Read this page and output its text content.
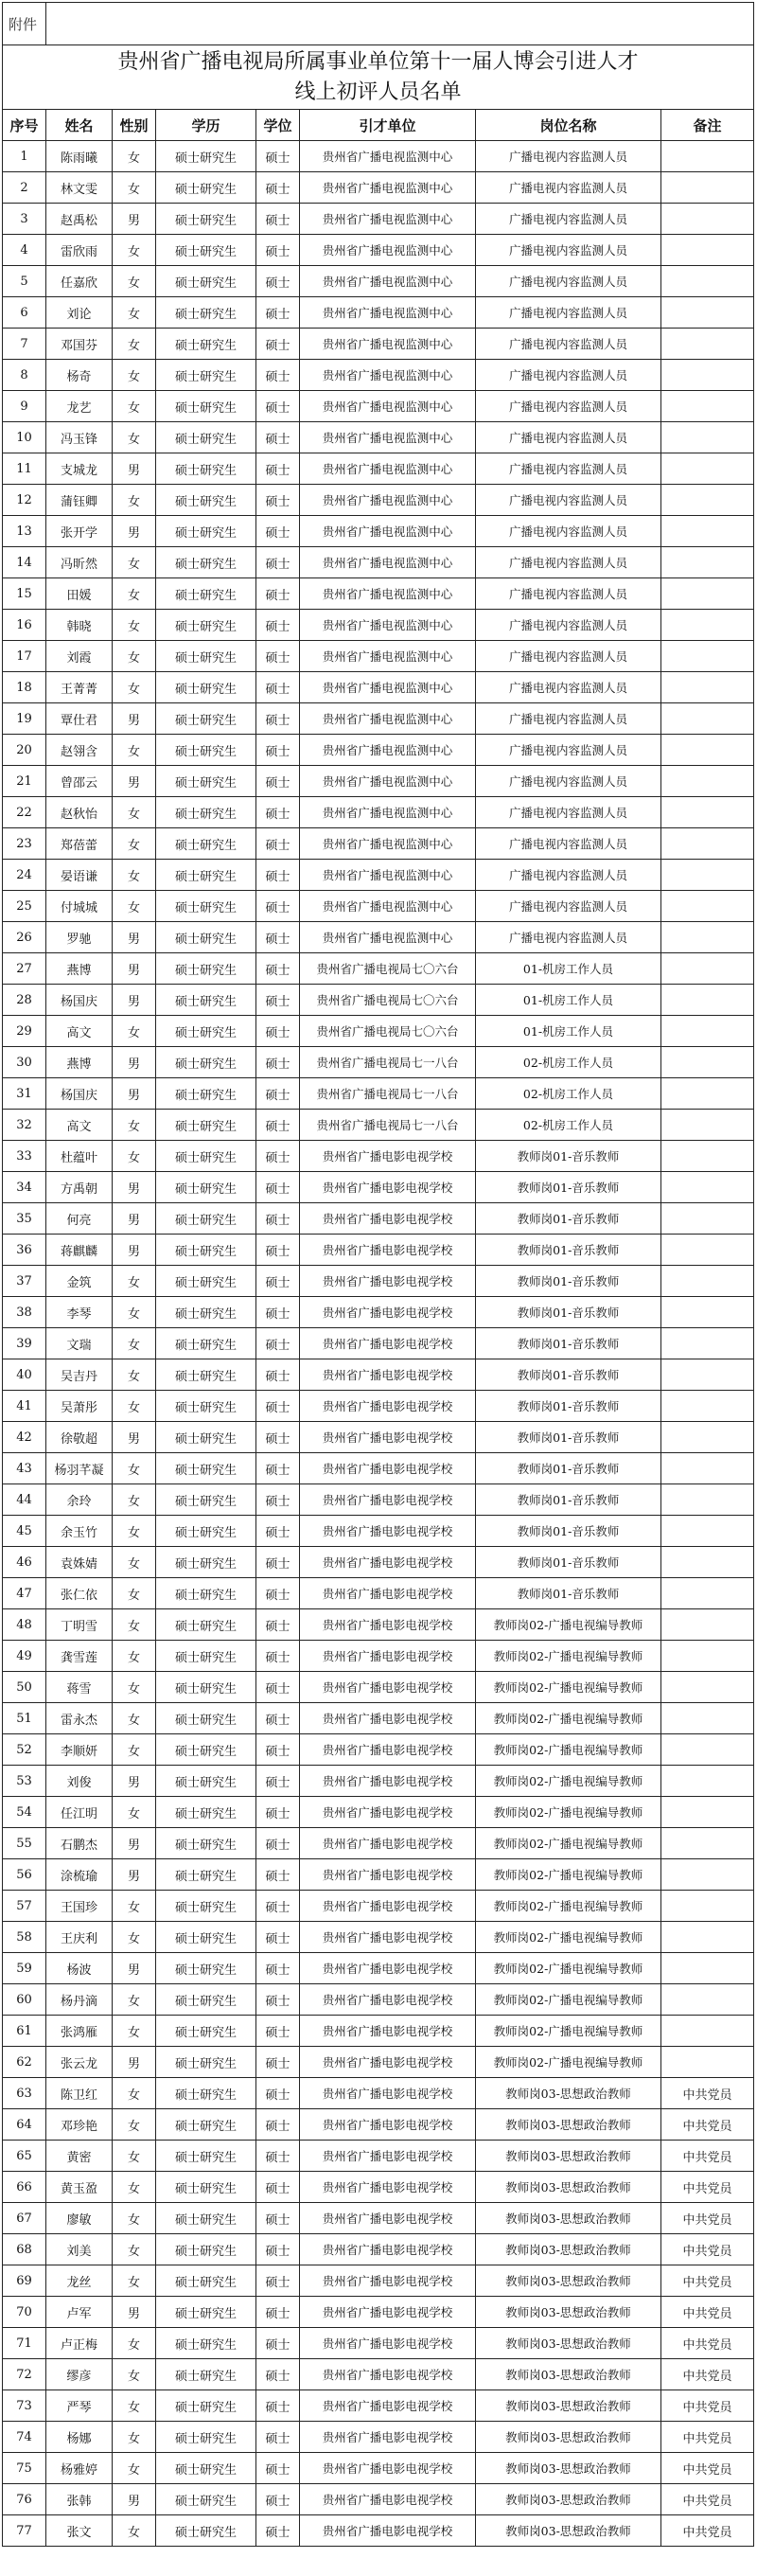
附件							

贵州省广播电视局所属事业单位第十一届人博会引进人才
线上初评人员名单							

序号	姓名	性别	学历	学位	引才单位	岗位名称	备注
1	陈雨曦	女	硕士研究生	硕士	贵州省广播电视监测中心	广播电视内容监测人员	
2	林文雯	女	硕士研究生	硕士	贵州省广播电视监测中心	广播电视内容监测人员	
3	赵禹松	男	硕士研究生	硕士	贵州省广播电视监测中心	广播电视内容监测人员	
4	雷欣雨	女	硕士研究生	硕士	贵州省广播电视监测中心	广播电视内容监测人员	
5	任嘉欣	女	硕士研究生	硕士	贵州省广播电视监测中心	广播电视内容监测人员	
6	刘论	女	硕士研究生	硕士	贵州省广播电视监测中心	广播电视内容监测人员	
7	邓国芬	女	硕士研究生	硕士	贵州省广播电视监测中心	广播电视内容监测人员	
8	杨奇	女	硕士研究生	硕士	贵州省广播电视监测中心	广播电视内容监测人员	
9	龙艺	女	硕士研究生	硕士	贵州省广播电视监测中心	广播电视内容监测人员	
10	冯玉锋	女	硕士研究生	硕士	贵州省广播电视监测中心	广播电视内容监测人员	
11	支城龙	男	硕士研究生	硕士	贵州省广播电视监测中心	广播电视内容监测人员	
12	蒲钰卿	女	硕士研究生	硕士	贵州省广播电视监测中心	广播电视内容监测人员	
13	张开学	男	硕士研究生	硕士	贵州省广播电视监测中心	广播电视内容监测人员	
14	冯昕然	女	硕士研究生	硕士	贵州省广播电视监测中心	广播电视内容监测人员	
15	田媛	女	硕士研究生	硕士	贵州省广播电视监测中心	广播电视内容监测人员	
16	韩晓	女	硕士研究生	硕士	贵州省广播电视监测中心	广播电视内容监测人员	
17	刘霞	女	硕士研究生	硕士	贵州省广播电视监测中心	广播电视内容监测人员	
18	王菁菁	女	硕士研究生	硕士	贵州省广播电视监测中心	广播电视内容监测人员	
19	覃仕君	男	硕士研究生	硕士	贵州省广播电视监测中心	广播电视内容监测人员	
20	赵翎含	女	硕士研究生	硕士	贵州省广播电视监测中心	广播电视内容监测人员	
21	曾邵云	男	硕士研究生	硕士	贵州省广播电视监测中心	广播电视内容监测人员	
22	赵秋怡	女	硕士研究生	硕士	贵州省广播电视监测中心	广播电视内容监测人员	
23	郑蓓蕾	女	硕士研究生	硕士	贵州省广播电视监测中心	广播电视内容监测人员	
24	晏语谦	女	硕士研究生	硕士	贵州省广播电视监测中心	广播电视内容监测人员	
25	付城城	女	硕士研究生	硕士	贵州省广播电视监测中心	广播电视内容监测人员	
26	罗驰	男	硕士研究生	硕士	贵州省广播电视监测中心	广播电视内容监测人员	
27	燕博	男	硕士研究生	硕士	贵州省广播电视局七〇六台	01-机房工作人员	
28	杨国庆	男	硕士研究生	硕士	贵州省广播电视局七〇六台	01-机房工作人员	
29	高文	女	硕士研究生	硕士	贵州省广播电视局七〇六台	01-机房工作人员	
30	燕博	男	硕士研究生	硕士	贵州省广播电视局七一八台	02-机房工作人员	
31	杨国庆	男	硕士研究生	硕士	贵州省广播电视局七一八台	02-机房工作人员	
32	高文	女	硕士研究生	硕士	贵州省广播电视局七一八台	02-机房工作人员	
33	杜蕴叶	女	硕士研究生	硕士	贵州省广播电影电视学校	教师岗01-音乐教师	
34	方禹朝	男	硕士研究生	硕士	贵州省广播电影电视学校	教师岗01-音乐教师	
35	何亮	男	硕士研究生	硕士	贵州省广播电影电视学校	教师岗01-音乐教师	
36	蒋麒麟	男	硕士研究生	硕士	贵州省广播电影电视学校	教师岗01-音乐教师	
37	金筑	女	硕士研究生	硕士	贵州省广播电影电视学校	教师岗01-音乐教师	
38	李琴	女	硕士研究生	硕士	贵州省广播电影电视学校	教师岗01-音乐教师	
39	文瑞	女	硕士研究生	硕士	贵州省广播电影电视学校	教师岗01-音乐教师	
40	吴吉丹	女	硕士研究生	硕士	贵州省广播电影电视学校	教师岗01-音乐教师	
41	吴萧彤	女	硕士研究生	硕士	贵州省广播电影电视学校	教师岗01-音乐教师	
42	徐敬超	男	硕士研究生	硕士	贵州省广播电影电视学校	教师岗01-音乐教师	
43	杨羽芊凝	女	硕士研究生	硕士	贵州省广播电影电视学校	教师岗01-音乐教师	
44	余玲	女	硕士研究生	硕士	贵州省广播电影电视学校	教师岗01-音乐教师	
45	余玉竹	女	硕士研究生	硕士	贵州省广播电影电视学校	教师岗01-音乐教师	
46	袁姝婧	女	硕士研究生	硕士	贵州省广播电影电视学校	教师岗01-音乐教师	
47	张仁依	女	硕士研究生	硕士	贵州省广播电影电视学校	教师岗01-音乐教师	
48	丁明雪	女	硕士研究生	硕士	贵州省广播电影电视学校	教师岗02-广播电视编导教师	
49	龚雪莲	女	硕士研究生	硕士	贵州省广播电影电视学校	教师岗02-广播电视编导教师	
50	蒋雪	女	硕士研究生	硕士	贵州省广播电影电视学校	教师岗02-广播电视编导教师	
51	雷永杰	女	硕士研究生	硕士	贵州省广播电影电视学校	教师岗02-广播电视编导教师	
52	李顺妍	女	硕士研究生	硕士	贵州省广播电影电视学校	教师岗02-广播电视编导教师	
53	刘俊	男	硕士研究生	硕士	贵州省广播电影电视学校	教师岗02-广播电视编导教师	
54	任江明	女	硕士研究生	硕士	贵州省广播电影电视学校	教师岗02-广播电视编导教师	
55	石鹏杰	男	硕士研究生	硕士	贵州省广播电影电视学校	教师岗02-广播电视编导教师	
56	涂梳瑜	男	硕士研究生	硕士	贵州省广播电影电视学校	教师岗02-广播电视编导教师	
57	王国珍	女	硕士研究生	硕士	贵州省广播电影电视学校	教师岗02-广播电视编导教师	
58	王庆利	女	硕士研究生	硕士	贵州省广播电影电视学校	教师岗02-广播电视编导教师	
59	杨波	男	硕士研究生	硕士	贵州省广播电影电视学校	教师岗02-广播电视编导教师	
60	杨丹滴	女	硕士研究生	硕士	贵州省广播电影电视学校	教师岗02-广播电视编导教师	
61	张鸿雁	女	硕士研究生	硕士	贵州省广播电影电视学校	教师岗02-广播电视编导教师	
62	张云龙	男	硕士研究生	硕士	贵州省广播电影电视学校	教师岗02-广播电视编导教师	
63	陈卫红	女	硕士研究生	硕士	贵州省广播电影电视学校	教师岗03-思想政治教师	中共党员
64	邓珍艳	女	硕士研究生	硕士	贵州省广播电影电视学校	教师岗03-思想政治教师	中共党员
65	黄密	女	硕士研究生	硕士	贵州省广播电影电视学校	教师岗03-思想政治教师	中共党员
66	黄玉盈	女	硕士研究生	硕士	贵州省广播电影电视学校	教师岗03-思想政治教师	中共党员
67	廖敏	女	硕士研究生	硕士	贵州省广播电影电视学校	教师岗03-思想政治教师	中共党员
68	刘美	女	硕士研究生	硕士	贵州省广播电影电视学校	教师岗03-思想政治教师	中共党员
69	龙丝	女	硕士研究生	硕士	贵州省广播电影电视学校	教师岗03-思想政治教师	中共党员
70	卢军	男	硕士研究生	硕士	贵州省广播电影电视学校	教师岗03-思想政治教师	中共党员
71	卢正梅	女	硕士研究生	硕士	贵州省广播电影电视学校	教师岗03-思想政治教师	中共党员
72	缪彦	女	硕士研究生	硕士	贵州省广播电影电视学校	教师岗03-思想政治教师	中共党员
73	严琴	女	硕士研究生	硕士	贵州省广播电影电视学校	教师岗03-思想政治教师	中共党员
74	杨娜	女	硕士研究生	硕士	贵州省广播电影电视学校	教师岗03-思想政治教师	中共党员
75	杨雅婷	女	硕士研究生	硕士	贵州省广播电影电视学校	教师岗03-思想政治教师	中共党员
76	张韩	男	硕士研究生	硕士	贵州省广播电影电视学校	教师岗03-思想政治教师	中共党员
77	张文	女	硕士研究生	硕士	贵州省广播电影电视学校	教师岗03-思想政治教师	中共党员
